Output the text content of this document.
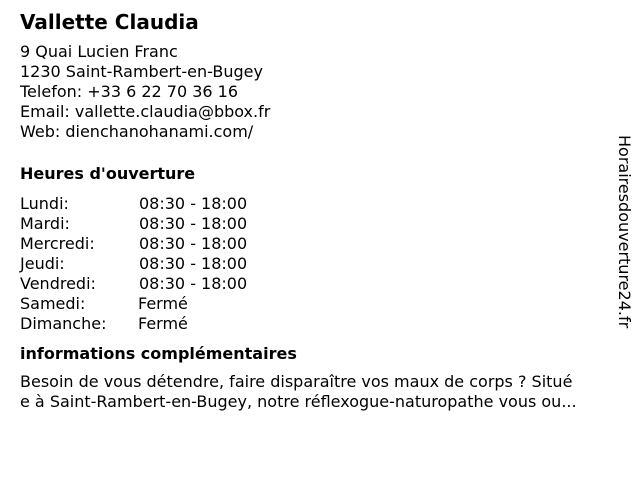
Vallette Claudia
9 Quai Lucien Franc
1230 Saint-Rambert-en-Bugey
Telefon: +33 6 22 70 36 16
Email: vallette.claudia@bbox.fr
Web: dienchanohanami.com/
Heures d'ouverture
Lundi:	08:30 - 18:00
Mardi:	08:30 - 18:00
Mercredi:	08:30 - 18:00
Jeudi:	08:30 - 18:00
Vendredi:	08:30 - 18:00
Samedi:	Fermé
Dimanche:	Fermé
informations complémentaires
Besoin de vous détendre, faire disparaître vos maux de corps ? Situé
e à Saint-Rambert-en-Bugey, notre réflexogue-naturopathe vous ou...
Horairesdouverture24.fr
